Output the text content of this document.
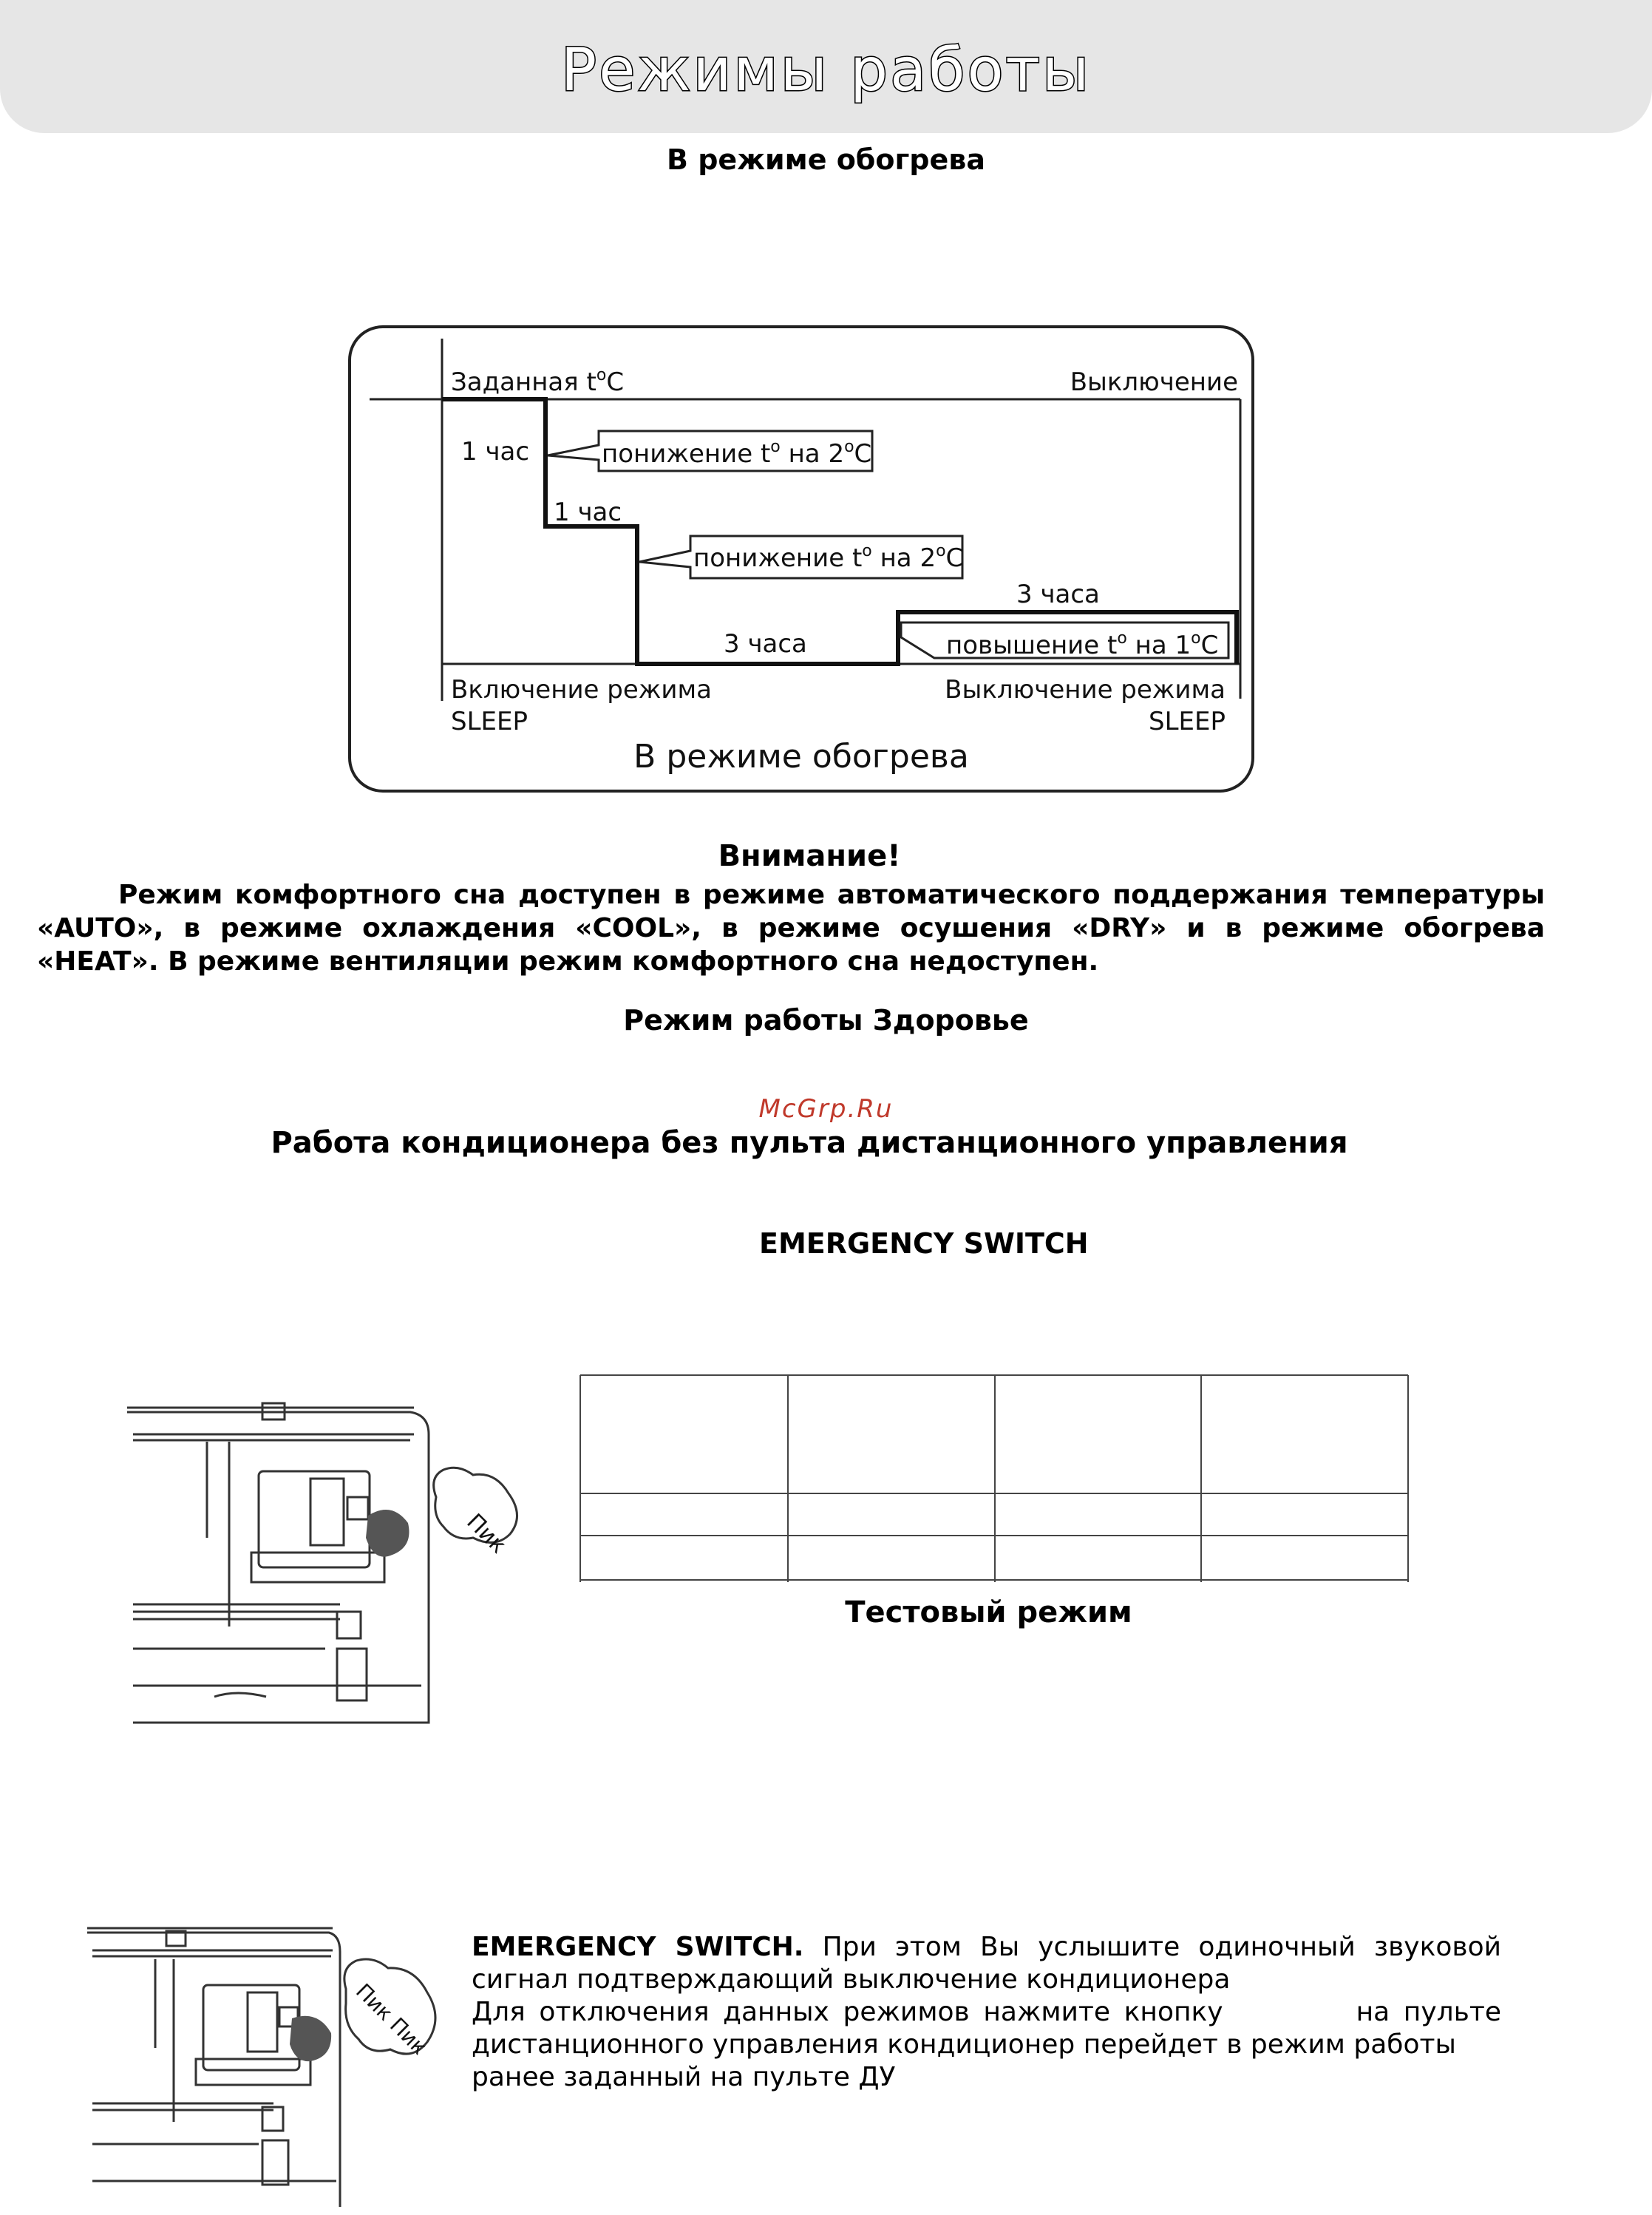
Режимы работы
В режиме обогрева
Заданная $t^oC$	Выключение
1 час	понижение $t^o$ на 2$^o$C
1 час
понижение $t^o$ на 2$^o$C
3 часа
3 часа
повышение $t^o$ на 1$^o$C
Включение режима
SLEEP
Выключение режима
SLEEP
В режиме обогрева
Внимание!
Режим комфортного сна доступен в режиме автоматического поддержания температуры «AUTO», в режиме охлаждения «COOL», в режиме осушения «DRY» и в режиме обогрева «HEAT». В режиме вентиляции режим комфортного сна недоступен.
Режим работы Здоровье
McGrp.Ru
Работа кондиционера без пульта дистанционного управления
EMERGENCY SWITCH
Пик
Тестовый режим
Пик Пик

EMERGENCY SWITCH. При этом Вы услышите одиночный звуковой сигнал подтверждающий выключение кондиционера

Для отключения данных режимов нажмите кнопку	на пульте дистанционного управления кондиционер перейдет в режим работы

ранее заданный на пульте ДУ
